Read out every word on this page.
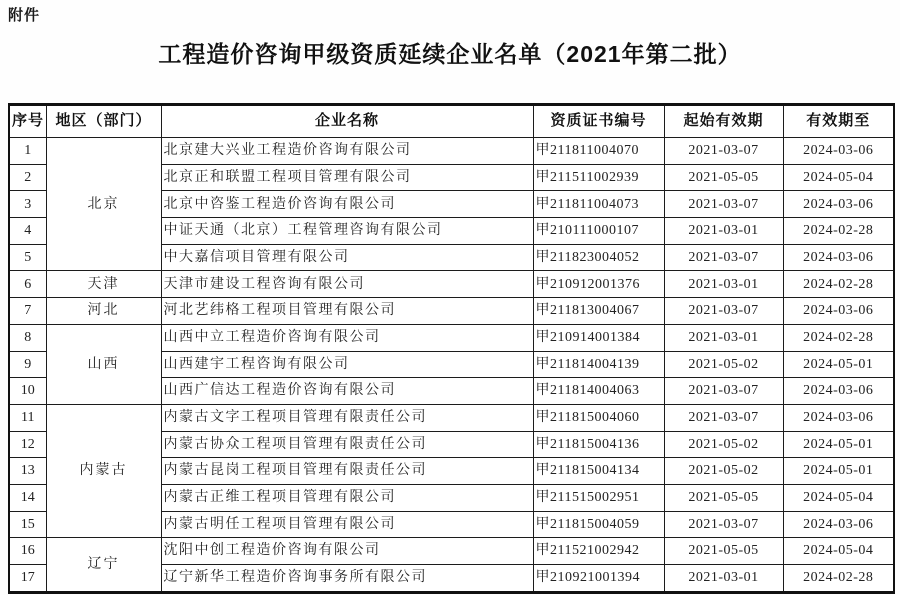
附件
工程造价咨询甲级资质延续企业名单（2021年第二批）
序号	地区（部门）	企业名称	资质证书编号	起始有效期	有效期至
1	北京	北京建大兴业工程造价咨询有限公司	甲211811004070	2021-03-07	2024-03-06
2		北京正和联盟工程项目管理有限公司	甲211511002939	2021-05-05	2024-05-04
3		北京中咨鉴工程造价咨询有限公司	甲211811004073	2021-03-07	2024-03-06
4		中证天通（北京）工程管理咨询有限公司	甲210111000107	2021-03-01	2024-02-28
5		中大嘉信项目管理有限公司	甲211823004052	2021-03-07	2024-03-06
6	天津	天津市建设工程咨询有限公司	甲210912001376	2021-03-01	2024-02-28
7	河北	河北艺纬格工程项目管理有限公司	甲211813004067	2021-03-07	2024-03-06
8	山西	山西中立工程造价咨询有限公司	甲210914001384	2021-03-01	2024-02-28
9		山西建宇工程咨询有限公司	甲211814004139	2021-05-02	2024-05-01
10		山西广信达工程造价咨询有限公司	甲211814004063	2021-03-07	2024-03-06
11	内蒙古	内蒙古文字工程项目管理有限责任公司	甲211815004060	2021-03-07	2024-03-06
12		内蒙古协众工程项目管理有限责任公司	甲211815004136	2021-05-02	2024-05-01
13		内蒙古昆岗工程项目管理有限责任公司	甲211815004134	2021-05-02	2024-05-01
14		内蒙古正维工程项目管理有限公司	甲211515002951	2021-05-05	2024-05-04
15		内蒙古明任工程项目管理有限公司	甲211815004059	2021-03-07	2024-03-06
16	辽宁	沈阳中创工程造价咨询有限公司	甲211521002942	2021-05-05	2024-05-04
17		辽宁新华工程造价咨询事务所有限公司	甲210921001394	2021-03-01	2024-02-28
